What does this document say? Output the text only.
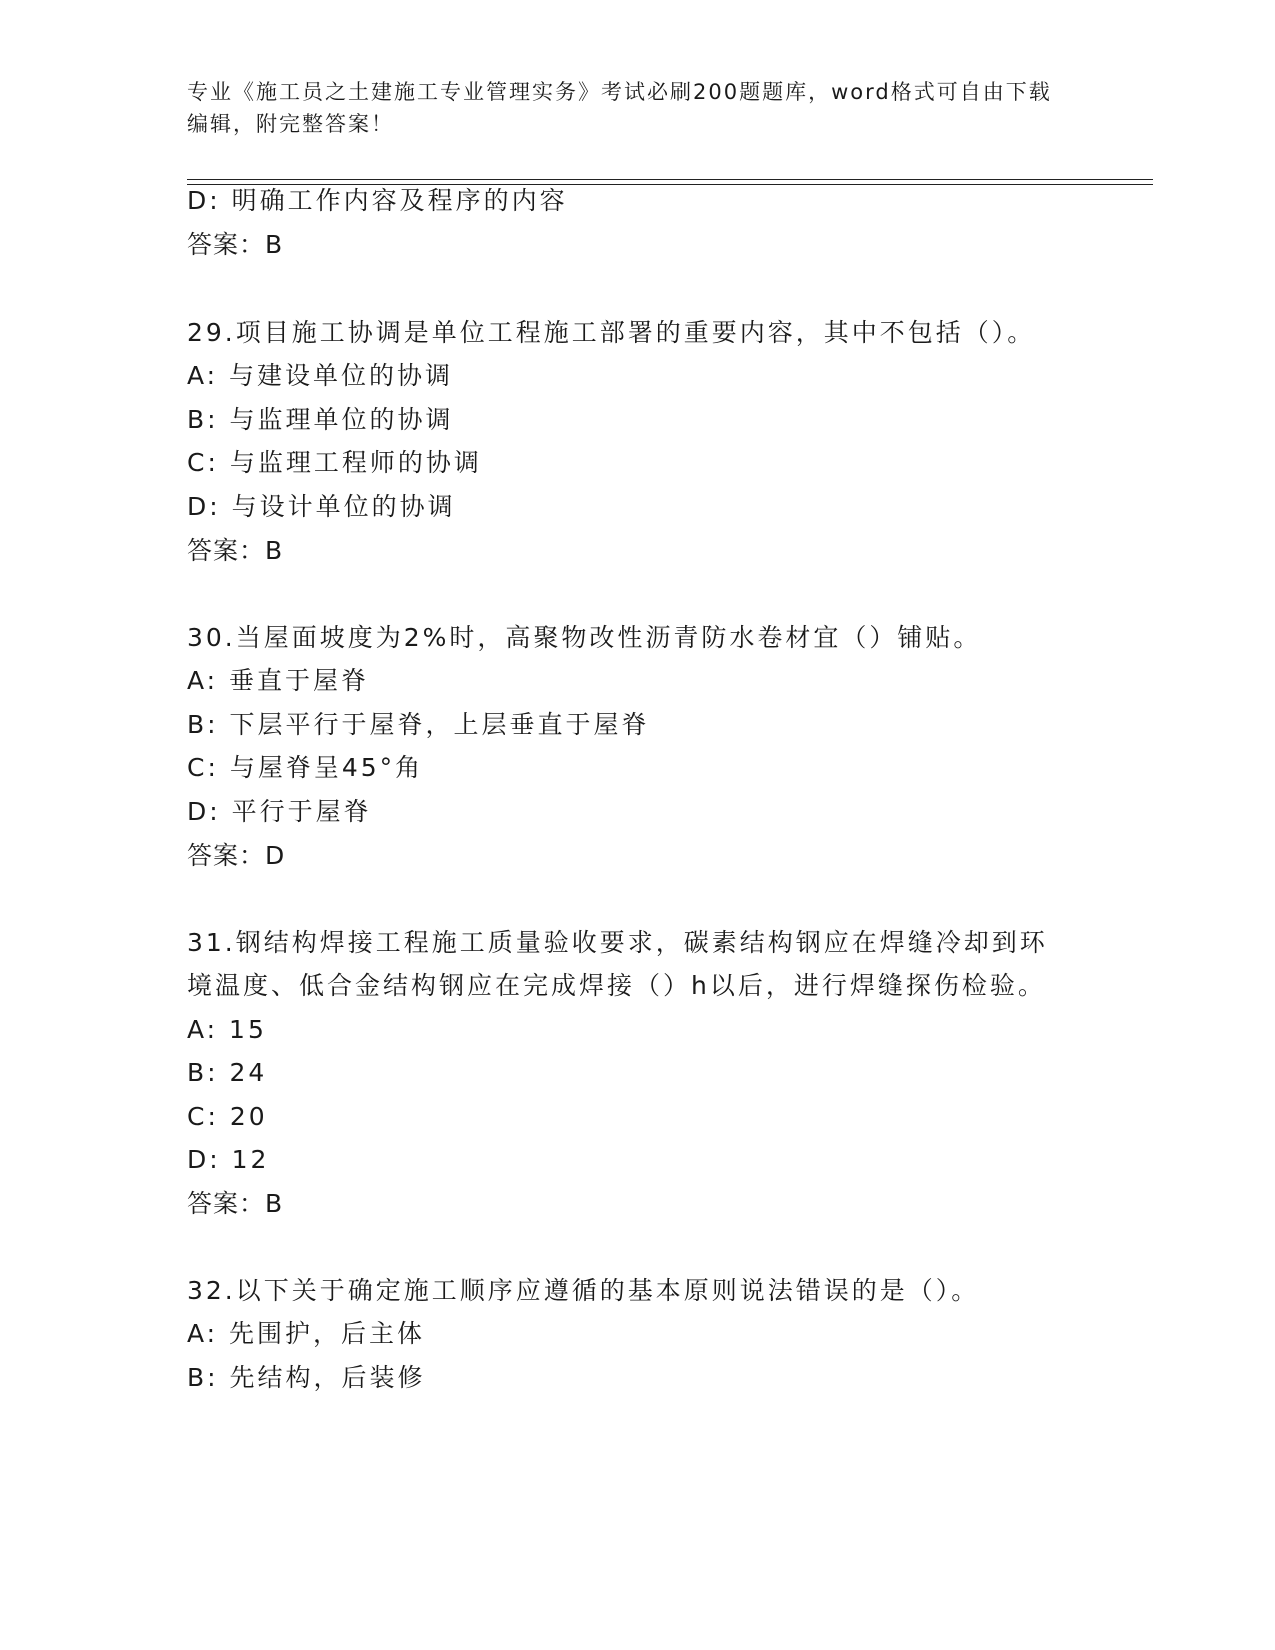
专业《施工员之土建施工专业管理实务》考试必刷200题题库，word格式可自由下载编辑，附完整答案！
D: 明确工作内容及程序的内容
答案：B
29.项目施工协调是单位工程施工部署的重要内容，其中不包括（）。
A: 与建设单位的协调
B: 与监理单位的协调
C: 与监理工程师的协调
D: 与设计单位的协调
答案：B
30.当屋面坡度为2%时，高聚物改性沥青防水卷材宜（）铺贴。
A: 垂直于屋脊
B: 下层平行于屋脊，上层垂直于屋脊
C: 与屋脊呈45°角
D: 平行于屋脊
答案：D
31.钢结构焊接工程施工质量验收要求，碳素结构钢应在焊缝冷却到环
境温度、低合金结构钢应在完成焊接（）h以后，进行焊缝探伤检验。
A: 15
B: 24
C: 20
D: 12
答案：B
32.以下关于确定施工顺序应遵循的基本原则说法错误的是（）。
A: 先围护，后主体
B: 先结构，后装修
